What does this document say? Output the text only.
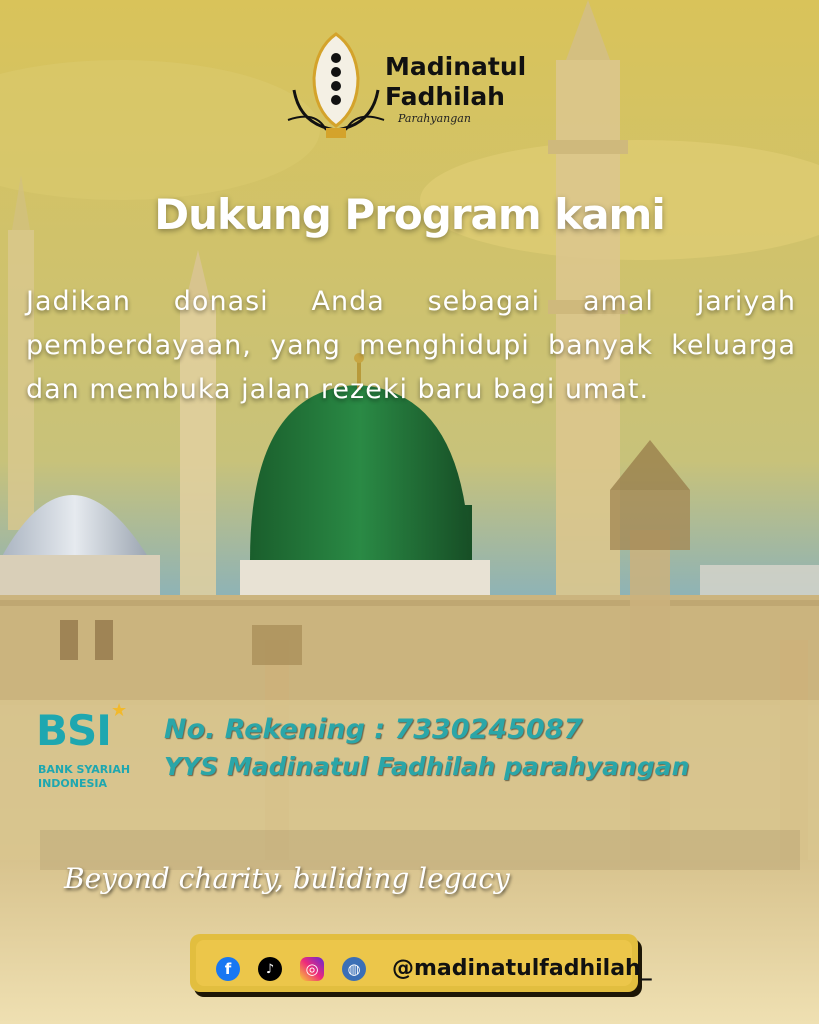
Madinatul
Fadhilah
Parahyangan
Dukung Program kami
Jadikan donasi Anda sebagai amal jariyah pemberdayaan, yang menghidupi banyak keluarga dan membuka jalan rezeki baru bagi umat.
BSI ★
BANK SYARIAH INDONESIA
No. Rekening : 7330245087
YYS Madinatul Fadhilah parahyangan
Beyond charity, buliding legacy
f	♪	◎	◍ @madinatulfadhilah_
